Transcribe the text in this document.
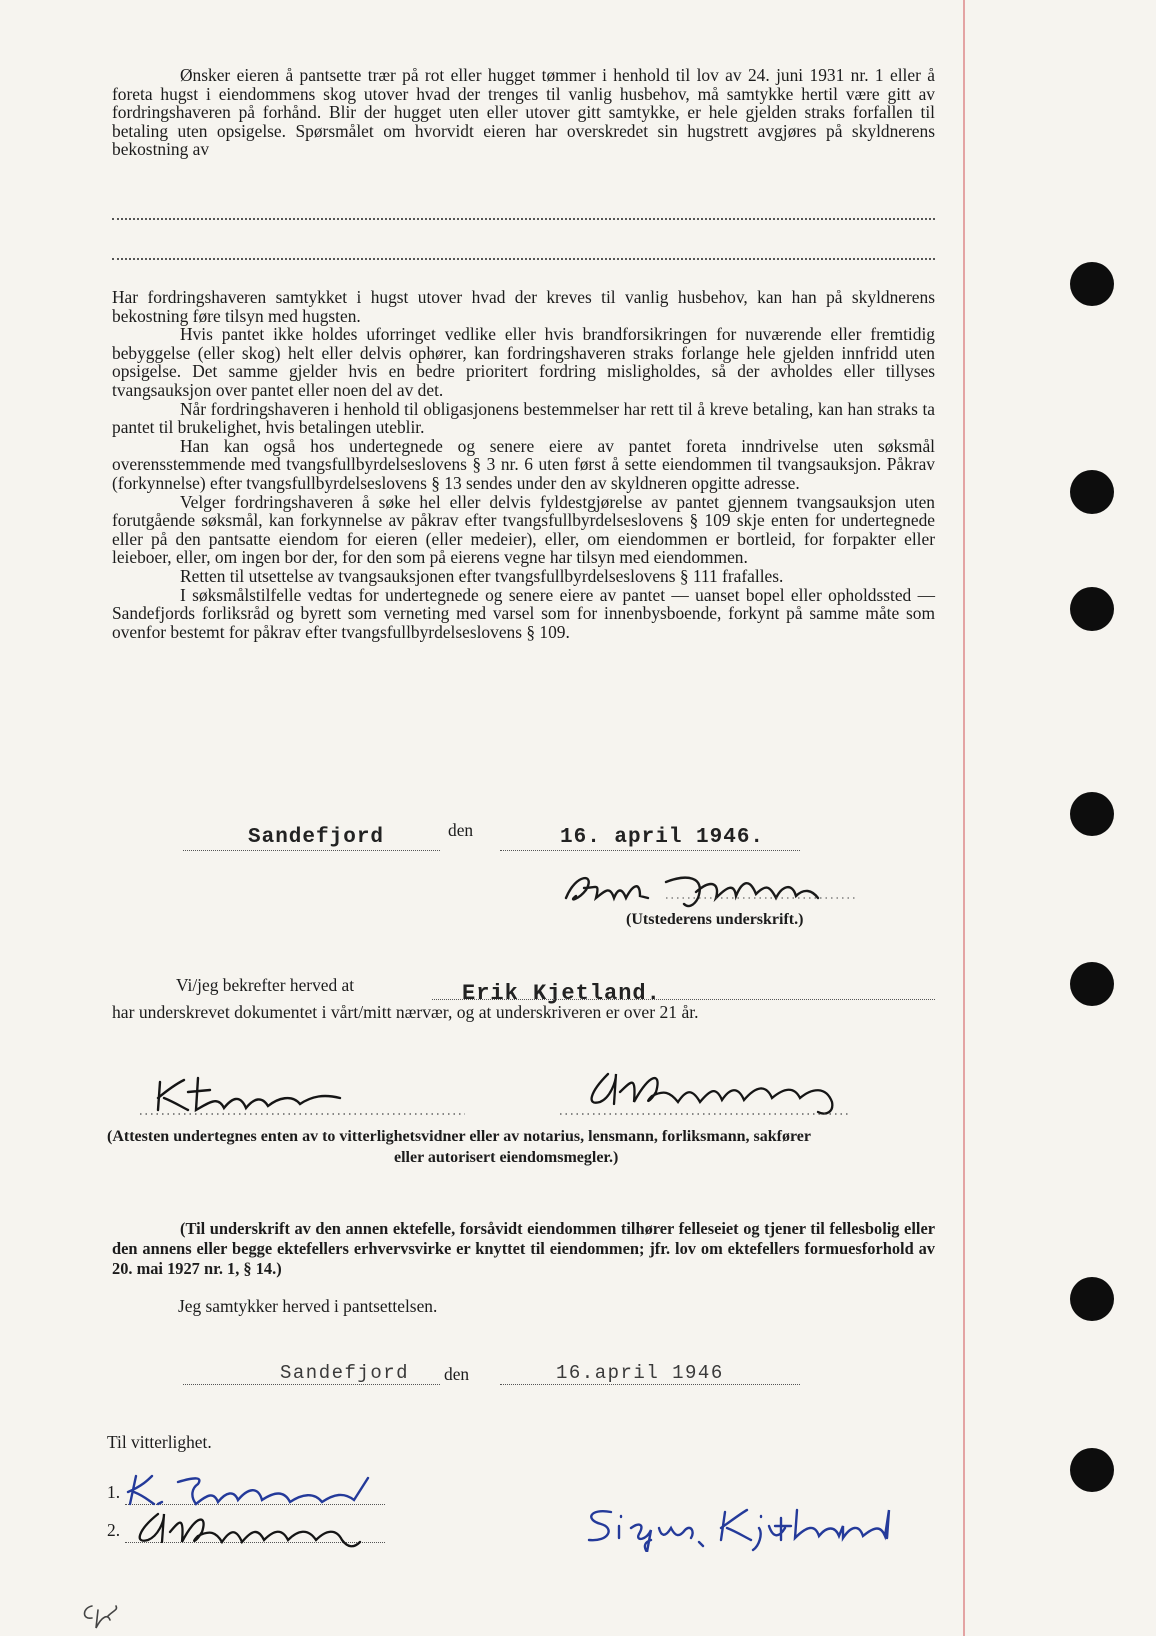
Ønsker eieren å pantsette trær på rot eller hugget tømmer i henhold til lov av 24. juni 1931 nr. 1 eller å foreta hugst i eiendommens skog utover hvad der trenges til vanlig husbehov, må samtykke hertil være gitt av fordringshaveren på forhånd. Blir der hugget uten eller utover gitt samtykke, er hele gjelden straks forfallen til betaling uten opsigelse. Spørsmålet om hvorvidt eieren har overskredet sin hugstrett avgjøres på skyldnerens bekostning av

Har fordringshaveren samtykket i hugst utover hvad der kreves til vanlig husbehov, kan han på skyldnerens bekostning føre tilsyn med hugsten.

Hvis pantet ikke holdes uforringet vedlike eller hvis brandforsikringen for nuværende eller fremtidig bebyggelse (eller skog) helt eller delvis ophører, kan fordringshaveren straks forlange hele gjelden innfridd uten opsigelse. Det samme gjelder hvis en bedre prioritert fordring misligholdes, så der avholdes eller tillyses tvangsauksjon over pantet eller noen del av det.

Når fordringshaveren i henhold til obligasjonens bestemmelser har rett til å kreve betaling, kan han straks ta pantet til brukelighet, hvis betalingen uteblir.

Han kan også hos undertegnede og senere eiere av pantet foreta inndrivelse uten søksmål overensstemmende med tvangsfullbyrdelseslovens § 3 nr. 6 uten først å sette eiendommen til tvangsauksjon. Påkrav (forkynnelse) efter tvangsfullbyrdelseslovens § 13 sendes under den av skyldneren opgitte adresse.

Velger fordringshaveren å søke hel eller delvis fyldestgjørelse av pantet gjennem tvangsauksjon uten forutgående søksmål, kan forkynnelse av påkrav efter tvangsfullbyrdelseslovens § 109 skje enten for undertegnede eller på den pantsatte eiendom for eieren (eller medeier), eller, om eiendommen er bortleid, for forpakter eller leieboer, eller, om ingen bor der, for den som på eierens vegne har tilsyn med eiendommen.

Retten til utsettelse av tvangsauksjonen efter tvangsfullbyrdelseslovens § 111 frafalles.

I søksmålstilfelle vedtas for undertegnede og senere eiere av pantet — uanset bopel eller opholdssted — Sandefjords forliksråd og byrett som verneting med varsel som for innenbysboende, forkynt på samme måte som ovenfor bestemt for påkrav efter tvangsfullbyrdelseslovens § 109.

Sandefjord	den	16. april 1946.
(Utstederens underskrift.)
Vi/jeg bekrefter herved at	Erik Kjetland.
har underskrevet dokumentet i vårt/mitt nærvær, og at underskriveren er over 21 år.
(Attesten undertegnes enten av to vitterlighetsvidner eller av notarius, lensmann, forliksmann, sakfører
eller autorisert eiendomsmegler.)

(Til underskrift av den annen ektefelle, forsåvidt eiendommen tilhører felleseiet og tjener til fellesbolig eller den annens eller begge ektefellers erhvervsvirke er knyttet til eiendommen; jfr. lov om ektefellers formuesforhold av 20. mai 1927 nr. 1, § 14.)

Jeg samtykker herved i pantsettelsen.
Sandefjord den	16.april 1946
Til vitterlighet.
1.
2.
